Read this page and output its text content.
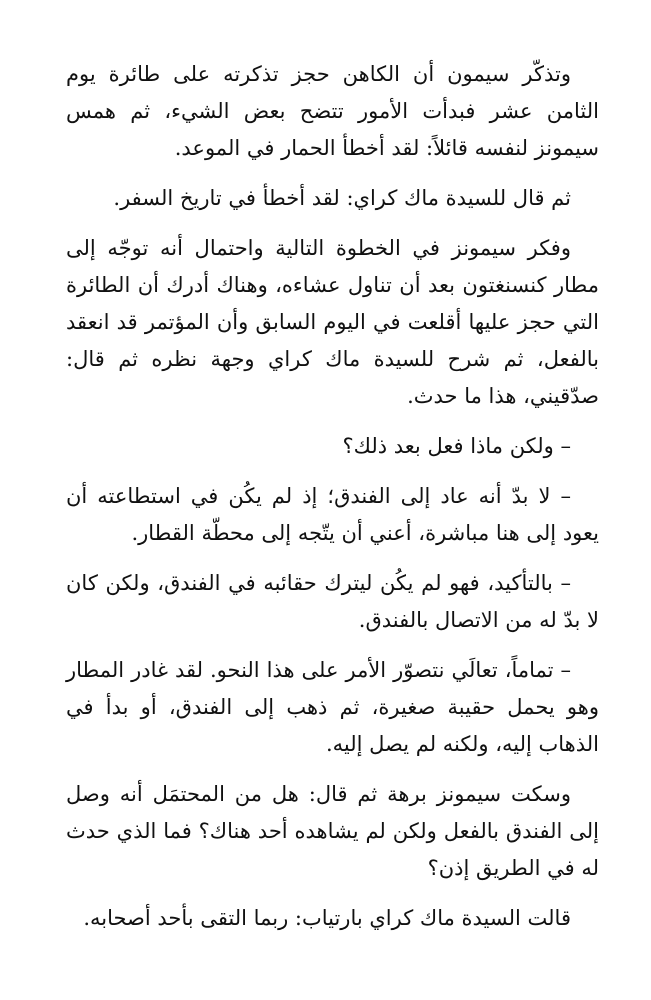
وتذكّر سيمون أن الكاهن حجز تذكرته على طائرة يوم الثامن عشر فبدأت الأمور تتضح بعض الشيء، ثم همس سيمونز لنفسه قائلاً: لقد أخطأ الحمار في الموعد.

ثم قال للسيدة ماك كراي: لقد أخطأ في تاريخ السفر.

وفكر سيمونز في الخطوة التالية واحتمال أنه توجّه إلى مطار كنسنغتون بعد أن تناول عشاءه، وهناك أدرك أن الطائرة التي حجز عليها أقلعت في اليوم السابق وأن المؤتمر قد انعقد بالفعل، ثم شرح للسيدة ماك كراي وجهة نظره ثم قال: صدّقيني، هذا ما حدث.

– ولكن ماذا فعل بعد ذلك؟

– لا بدّ أنه عاد إلى الفندق؛ إذ لم يكُن في استطاعته أن يعود إلى هنا مباشرة، أعني أن يتّجه إلى محطّة القطار.

– بالتأكيد، فهو لم يكُن ليترك حقائبه في الفندق، ولكن كان لا بدّ له من الاتصال بالفندق.

– تماماً، تعالَي نتصوّر الأمر على هذا النحو. لقد غادر المطار وهو يحمل حقيبة صغيرة، ثم ذهب إلى الفندق، أو بدأ في الذهاب إليه، ولكنه لم يصل إليه.

وسكت سيمونز برهة ثم قال: هل من المحتمَل أنه وصل إلى الفندق بالفعل ولكن لم يشاهده أحد هناك؟ فما الذي حدث له في الطريق إذن؟

قالت السيدة ماك كراي بارتياب: ربما التقى بأحد أصحابه.
